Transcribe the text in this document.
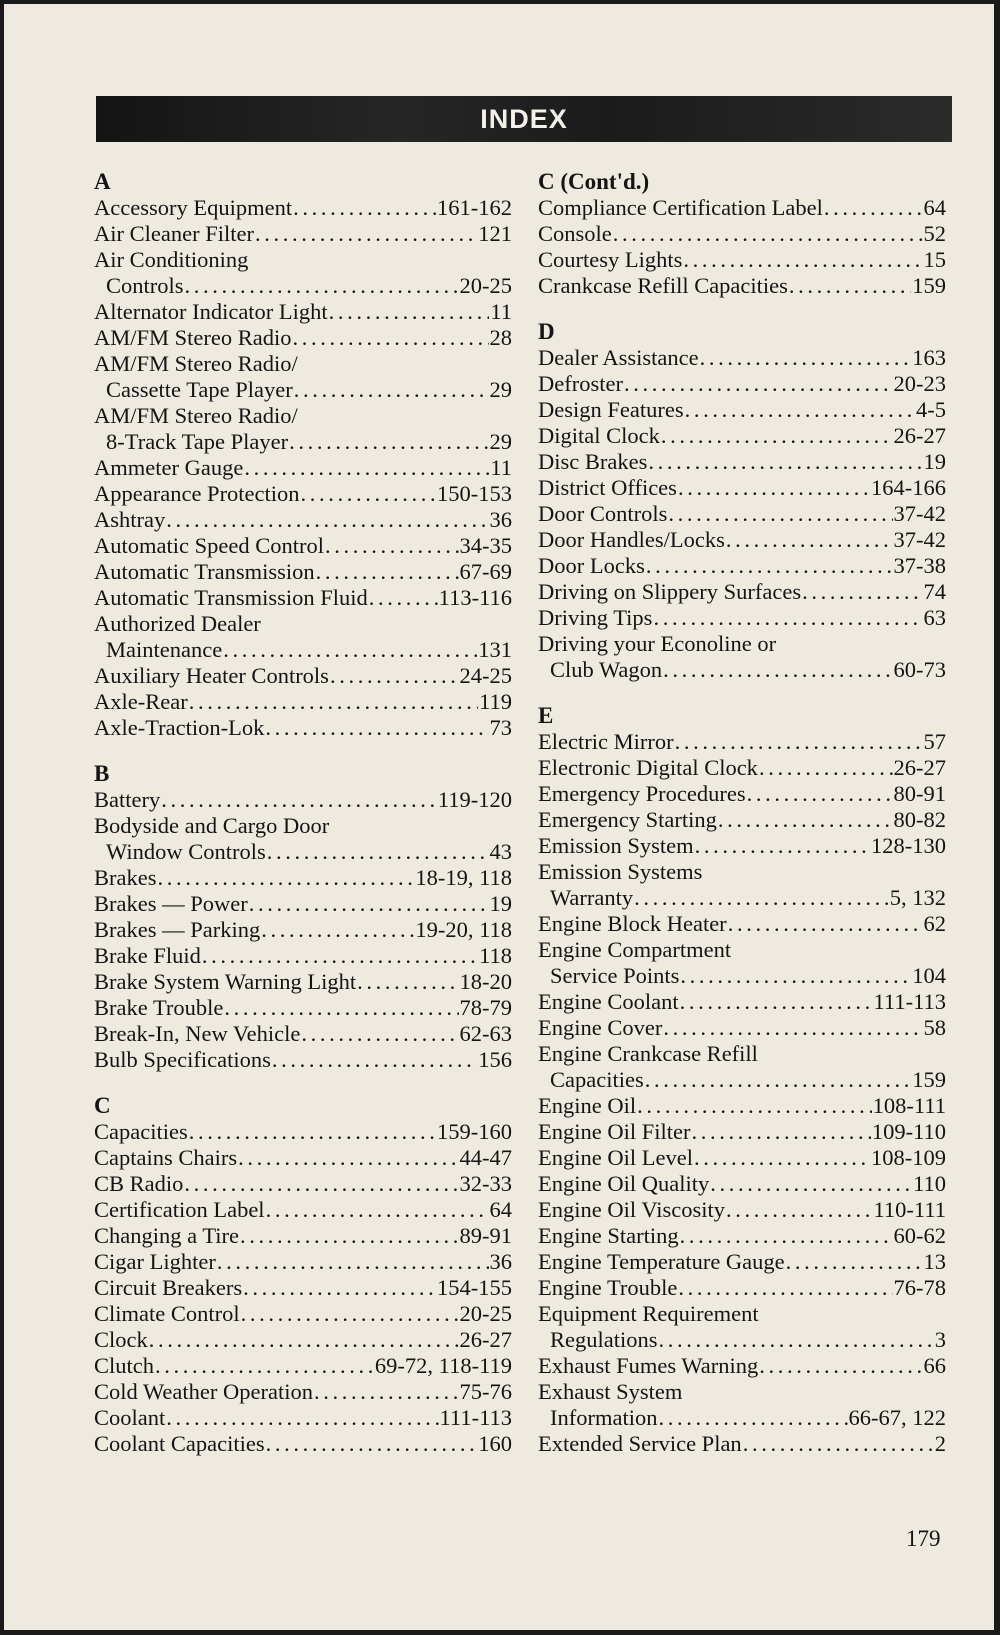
INDEX
A
Accessory Equipment . . .	161-162
Air Cleaner Filter . . .	121
Air Conditioning
Controls . . .	20-25
Alternator Indicator Light . . .	11
AM/FM Stereo Radio . . .	28
AM/FM Stereo Radio/
Cassette Tape Player . . .	29
AM/FM Stereo Radio/
8-Track Tape Player . . .	29
Ammeter Gauge . . .	11
Appearance Protection . . .	150-153
Ashtray . . .	36
Automatic Speed Control . . .	34-35
Automatic Transmission . . .	67-69
Automatic Transmission Fluid . . .	113-116
Authorized Dealer
Maintenance . . .	131
Auxiliary Heater Controls . . .	24-25
Axle-Rear . . .	119
Axle-Traction-Lok . . .	73
B
Battery . . .	119-120
Bodyside and Cargo Door
Window Controls . . .	43
Brakes . . .	18-19, 118
Brakes — Power . . .	19
Brakes — Parking . . .	19-20, 118
Brake Fluid . . .	118
Brake System Warning Light . . .	18-20
Brake Trouble . . .	78-79
Break-In, New Vehicle . . .	62-63
Bulb Specifications . . .	156
C
Capacities . . .	159-160
Captains Chairs . . .	44-47
CB Radio . . .	32-33
Certification Label . . .	64
Changing a Tire . . .	89-91
Cigar Lighter . . .	36
Circuit Breakers . . .	154-155
Climate Control . . .	20-25
Clock . . .	26-27
Clutch . . .	69-72, 118-119
Cold Weather Operation . . .	75-76
Coolant . . .	111-113
Coolant Capacities . . .	160
C (Cont'd.)
Compliance Certification Label . . .	64
Console . . .	52
Courtesy Lights . . .	15
Crankcase Refill Capacities . . .	159
D
Dealer Assistance . . .	163
Defroster . . .	20-23
Design Features . . .	4-5
Digital Clock . . .	26-27
Disc Brakes . . .	19
District Offices . . .	164-166
Door Controls . . .	37-42
Door Handles/Locks . . .	37-42
Door Locks . . .	37-38
Driving on Slippery Surfaces . . .	74
Driving Tips . . .	63
Driving your Econoline or
Club Wagon . . .	60-73
E
Electric Mirror . . .	57
Electronic Digital Clock . . .	26-27
Emergency Procedures . . .	80-91
Emergency Starting . . .	80-82
Emission System . . .	128-130
Emission Systems
Warranty . . .	5, 132
Engine Block Heater . . .	62
Engine Compartment
Service Points . . .	104
Engine Coolant . . .	111-113
Engine Cover . . .	58
Engine Crankcase Refill
Capacities . . .	159
Engine Oil . . .	108-111
Engine Oil Filter . . .	109-110
Engine Oil Level . . .	108-109
Engine Oil Quality . . .	110
Engine Oil Viscosity . . .	110-111
Engine Starting . . .	60-62
Engine Temperature Gauge . . .	13
Engine Trouble . . .	76-78
Equipment Requirement
Regulations . . .	3
Exhaust Fumes Warning . . .	66
Exhaust System
Information . . .	66-67, 122
Extended Service Plan . . .	2
179
